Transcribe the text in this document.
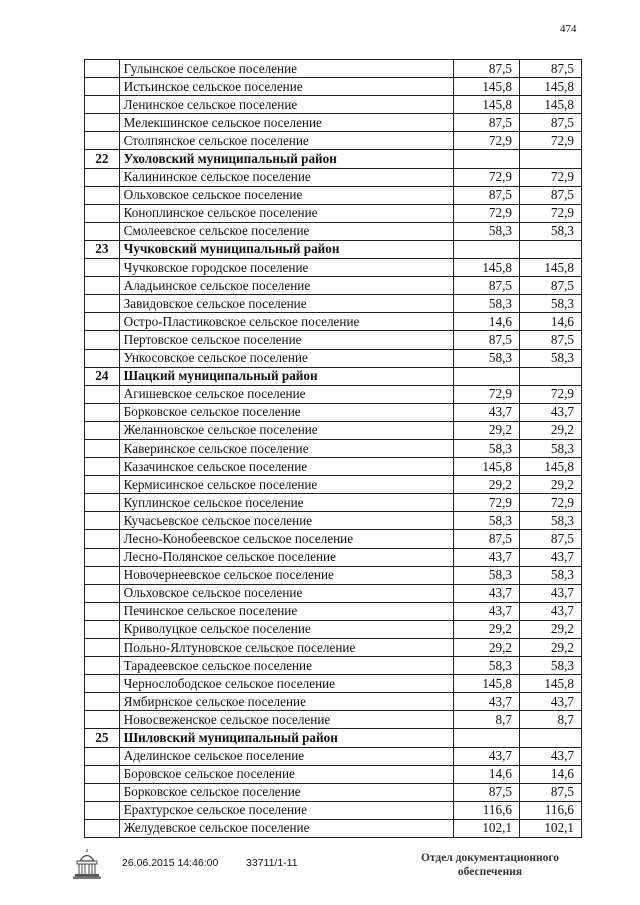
474
	Гулынское сельское поселение	87,5	87,5
	Истьинское сельское поселение	145,8	145,8
	Ленинское сельское поселение	145,8	145,8
	Мелекшинское сельское поселение	87,5	87,5
	Столпянское сельское поселение	72,9	72,9
22	Ухоловский муниципальный район		
	Калининское сельское поселение	72,9	72,9
	Ольховское сельское поселение	87,5	87,5
	Коноплинское сельское поселение	72,9	72,9
	Смолеевское сельское поселение	58,3	58,3
23	Чучковский муниципальный район		
	Чучковское городское поселение	145,8	145,8
	Аладьинское сельское поселение	87,5	87,5
	Завидовское сельское поселение	58,3	58,3
	Остро-Пластиковское сельское поселение	14,6	14,6
	Пертовское сельское поселение	87,5	87,5
	Ункосовское сельское поселение	58,3	58,3
24	Шацкий муниципальный район		
	Агишевское сельское поселение	72,9	72,9
	Борковское сельское поселение	43,7	43,7
	Желанновское сельское поселение	29,2	29,2
	Каверинское сельское поселение	58,3	58,3
	Казачинское сельское поселение	145,8	145,8
	Кермисинское сельское поселение	29,2	29,2
	Куплинское сельское поселение	72,9	72,9
	Кучасьевское сельское поселение	58,3	58,3
	Лесно-Конобеевское сельское поселение	87,5	87,5
	Лесно-Полянское сельское поселение	43,7	43,7
	Новочернеевское сельское поселение	58,3	58,3
	Ольховское сельское поселение	43,7	43,7
	Печинское сельское поселение	43,7	43,7
	Криволуцкое сельское поселение	29,2	29,2
	Польно-Ялтуновское сельское поселение	29,2	29,2
	Тарадеевское сельское поселение	58,3	58,3
	Чернослободское сельское поселение	145,8	145,8
	Ямбирнское сельское поселение	43,7	43,7
	Новосвеженское сельское поселение	8,7	8,7
25	Шиловский муниципальный район		
	Аделинское сельское поселение	43,7	43,7
	Боровское сельское поселение	14,6	14,6
	Борковское сельское поселение	87,5	87,5
	Ерахтурское сельское поселение	116,6	116,6
	Желудевское сельское поселение	102,1	102,1
26.06.2015 14:46:00	33711/1-11	Отдел документационного
обеспечения
